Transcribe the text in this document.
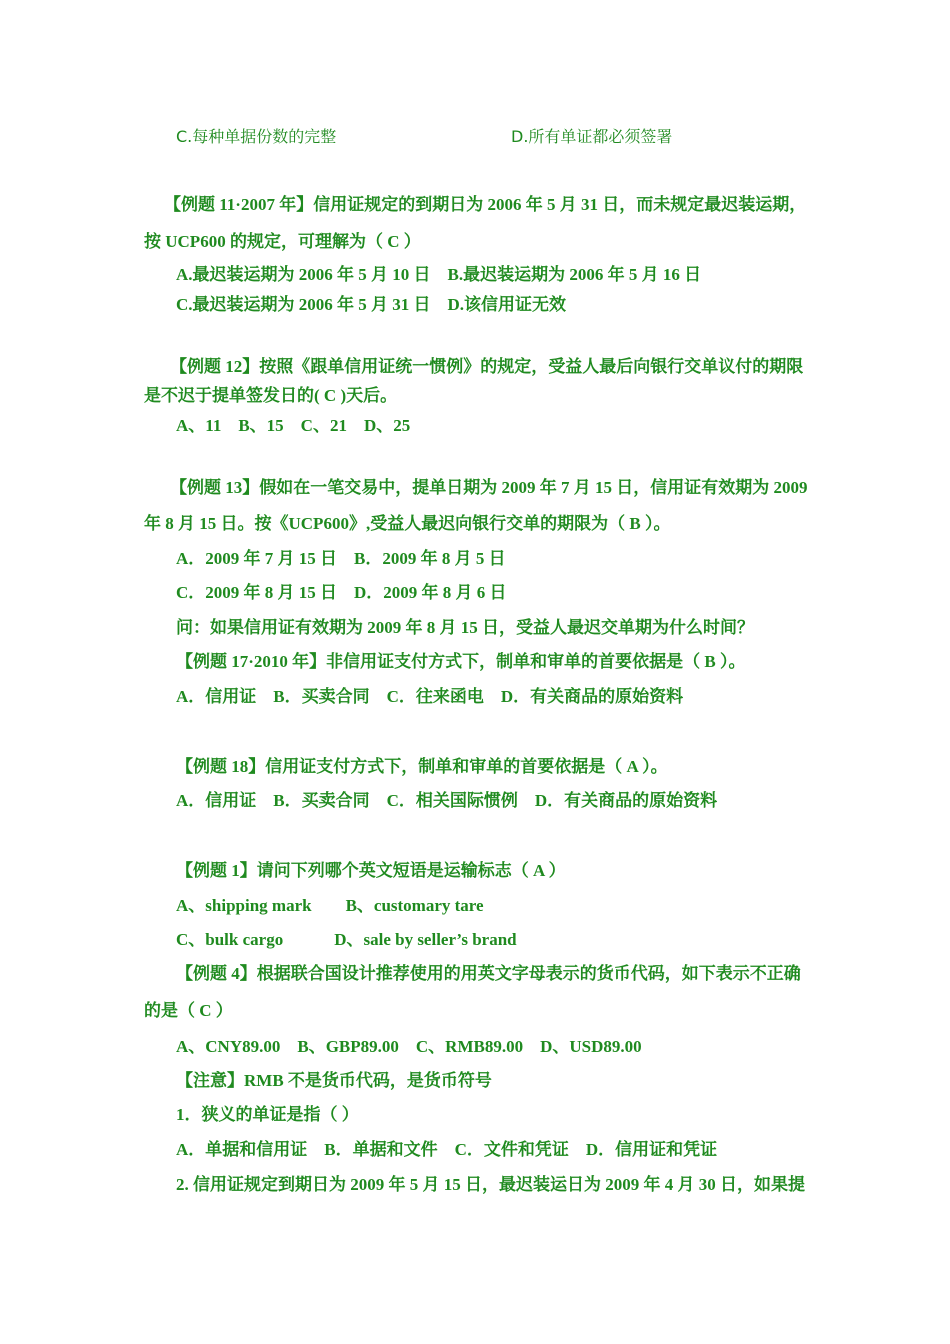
C.每种单据份数的完整	D.所有单证都必须签署
【例题 11·2007 年】信用证规定的到期日为 2006 年 5 月 31 日，而未规定最迟装运期，
按 UCP600 的规定，可理解为（ C ）
A.最迟装运期为 2006 年 5 月 10 日　B.最迟装运期为 2006 年 5 月 16 日
C.最迟装运期为 2006 年 5 月 31 日　D.该信用证无效
【例题 12】按照《跟单信用证统一惯例》的规定，受益人最后向银行交单议付的期限
是不迟于提单签发日的( C )天后。
A、11　B、15　C、21　D、25
【例题 13】假如在一笔交易中，提单日期为 2009 年 7 月 15 日，信用证有效期为 2009
年 8 月 15 日。按《UCP600》,受益人最迟向银行交单的期限为（ B ）。
A．2009 年 7 月 15 日　B．2009 年 8 月 5 日
C．2009 年 8 月 15 日　D．2009 年 8 月 6 日
问：如果信用证有效期为 2009 年 8 月 15 日，受益人最迟交单期为什么时间？
【例题 17·2010 年】非信用证支付方式下，制单和审单的首要依据是（ B ）。
A．信用证　B．买卖合同　C．往来函电　D．有关商品的原始资料
【例题 18】信用证支付方式下，制单和审单的首要依据是（ A ）。
A．信用证　B．买卖合同　C．相关国际惯例　D．有关商品的原始资料
【例题 1】请问下列哪个英文短语是运输标志（ A ）
A、shipping mark　　B、customary tare
C、bulk cargo　　　D、sale by seller’s brand
【例题 4】根据联合国设计推荐使用的用英文字母表示的货币代码，如下表示不正确
的是（ C ）
A、CNY89.00　B、GBP89.00　C、RMB89.00　D、USD89.00
【注意】RMB 不是货币代码，是货币符号
1．狭义的单证是指（ ）
A．单据和信用证　B．单据和文件　C．文件和凭证　D．信用证和凭证
2. 信用证规定到期日为 2009 年 5 月 15 日，最迟装运日为 2009 年 4 月 30 日，如果提
